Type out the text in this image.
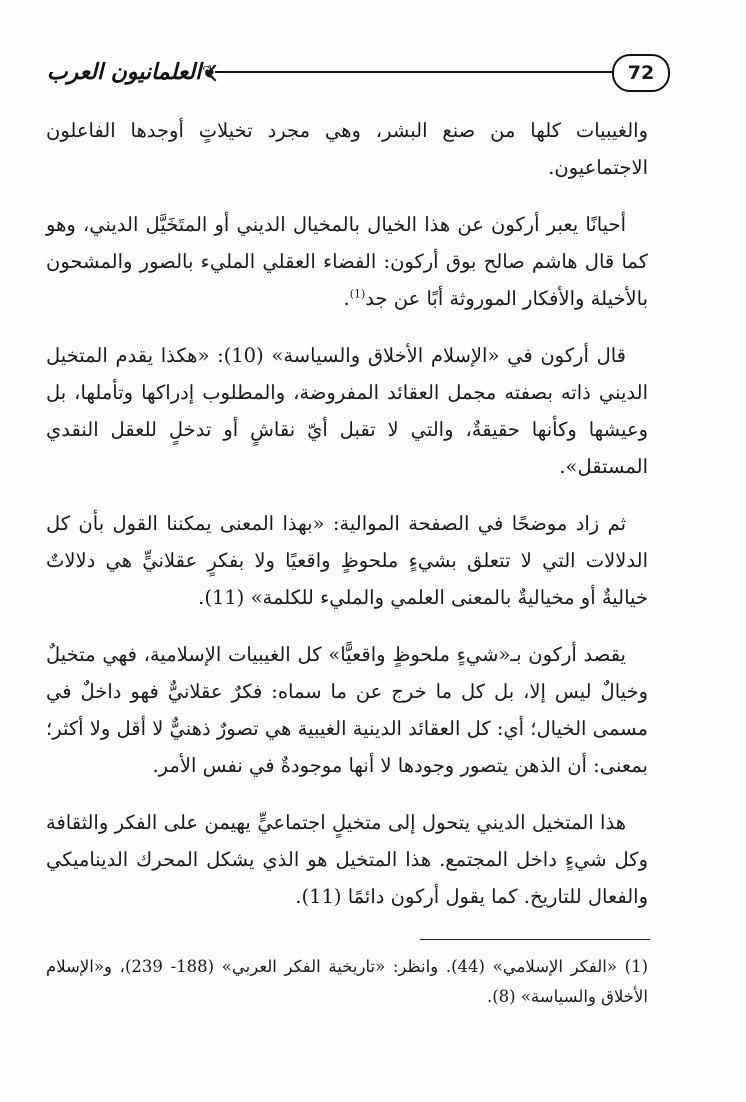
العلمانيون العرب ❦	72

والغيبيات كلها من صنع البشر، وهي مجرد تخيلاتٍ أوجدها الفاعلون الاجتماعيون.

أحيانًا يعبر أركون عن هذا الخيال بالمخيال الديني أو المتَخَيَّل الديني، وهو كما قال هاشم صالح بوق أركون: الفضاء العقلي المليء بالصور والمشحون بالأخيلة والأفكار الموروثة أبًا عن جد$^{(1)}$.

قال أركون في «الإسلام الأخلاق والسياسة» (10): «هكذا يقدم المتخيل الديني ذاته بصفته مجمل العقائد المفروضة، والمطلوب إدراكها وتأملها، بل وعيشها وكأنها حقيقةٌ، والتي لا تقبل أيّ نقاشٍ أو تدخلٍ للعقل النقدي المستقل».

ثم زاد موضحًا في الصفحة الموالية: «بهذا المعنى يمكننا القول بأن كل الدلالات التي لا تتعلق بشيءٍ ملحوظٍ واقعيًا ولا بفكرٍ عقلانيٍّ هي دلالاتٌ خياليةٌ أو مخياليةٌ بالمعنى العلمي والمليء للكلمة» (11).

يقصد أركون بـ«شيءٍ ملحوظٍ واقعيًّا» كل الغيبيات الإسلامية، فهي متخيلٌ وخيالٌ ليس إلا، بل كل ما خرج عن ما سماه: فكرٌ عقلانيٌّ فهو داخلٌ في مسمى الخيال؛ أي: كل العقائد الدينية الغيبية هي تصورٌ ذهنيٌّ لا أقل ولا أكثر؛ بمعنى: أن الذهن يتصور وجودها لا أنها موجودةٌ في نفس الأمر.

هذا المتخيل الديني يتحول إلى متخيلٍ اجتماعيٍّ يهيمن على الفكر والثقافة وكل شيءٍ داخل المجتمع. هذا المتخيل هو الذي يشكل المحرك الديناميكي والفعال للتاريخ. كما يقول أركون دائمًا (11).

(1) «الفكر الإسلامي» (44). وانظر: «تاريخية الفكر العربي» (188- 239)، و«الإسلام الأخلاق والسياسة» (8).
